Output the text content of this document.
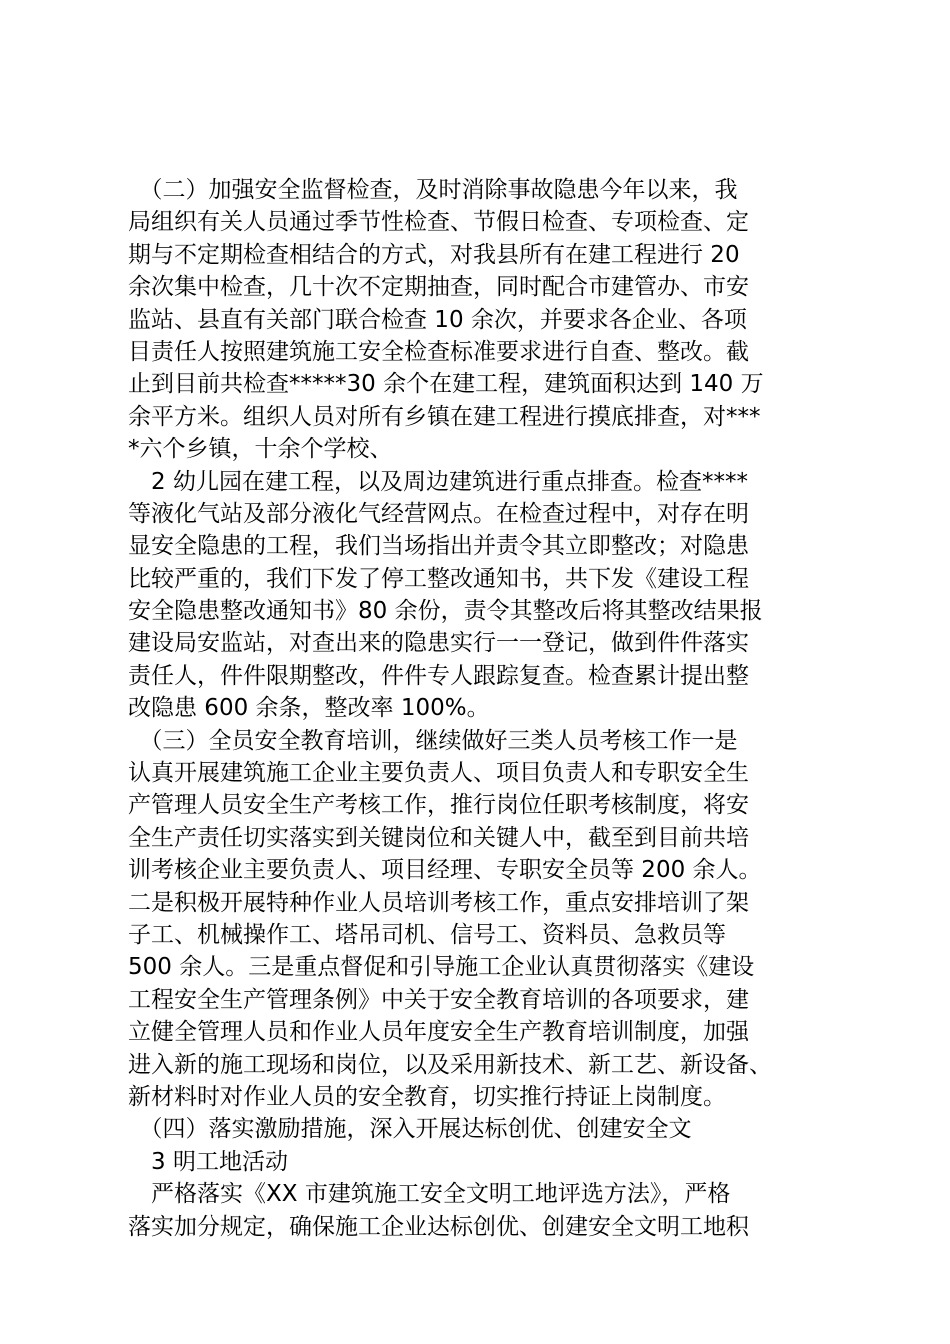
　（二）加强安全监督检查，及时消除事故隐患今年以来，我
局组织有关人员通过季节性检查、节假日检查、专项检查、定
期与不定期检查相结合的方式，对我县所有在建工程进行 20
余次集中检查，几十次不定期抽查，同时配合市建管办、市安
监站、县直有关部门联合检查 10 余次，并要求各企业、各项
目责任人按照建筑施工安全检查标准要求进行自查、整改。截
止到目前共检查*****30 余个在建工程，建筑面积达到 140 万
余平方米。组织人员对所有乡镇在建工程进行摸底排查，对***
*六个乡镇，十余个学校、
　2 幼儿园在建工程，以及周边建筑进行重点排查。检查****
等液化气站及部分液化气经营网点。在检查过程中，对存在明
显安全隐患的工程，我们当场指出并责令其立即整改；对隐患
比较严重的，我们下发了停工整改通知书，共下发《建设工程
安全隐患整改通知书》80 余份，责令其整改后将其整改结果报
建设局安监站，对查出来的隐患实行一一登记，做到件件落实
责任人，件件限期整改，件件专人跟踪复查。检查累计提出整
改隐患 600 余条，整改率 100%。
　（三）全员安全教育培训，继续做好三类人员考核工作一是
认真开展建筑施工企业主要负责人、项目负责人和专职安全生
产管理人员安全生产考核工作，推行岗位任职考核制度，将安
全生产责任切实落实到关键岗位和关键人中，截至到目前共培
训考核企业主要负责人、项目经理、专职安全员等 200 余人。
二是积极开展特种作业人员培训考核工作，重点安排培训了架
子工、机械操作工、塔吊司机、信号工、资料员、急救员等
500 余人。三是重点督促和引导施工企业认真贯彻落实《建设
工程安全生产管理条例》中关于安全教育培训的各项要求，建
立健全管理人员和作业人员年度安全生产教育培训制度，加强
进入新的施工现场和岗位，以及采用新技术、新工艺、新设备、
新材料时对作业人员的安全教育，切实推行持证上岗制度。
　（四）落实激励措施，深入开展达标创优、创建安全文
　3 明工地活动
　严格落实《XX 市建筑施工安全文明工地评选方法》，严格
落实加分规定，确保施工企业达标创优、创建安全文明工地积
